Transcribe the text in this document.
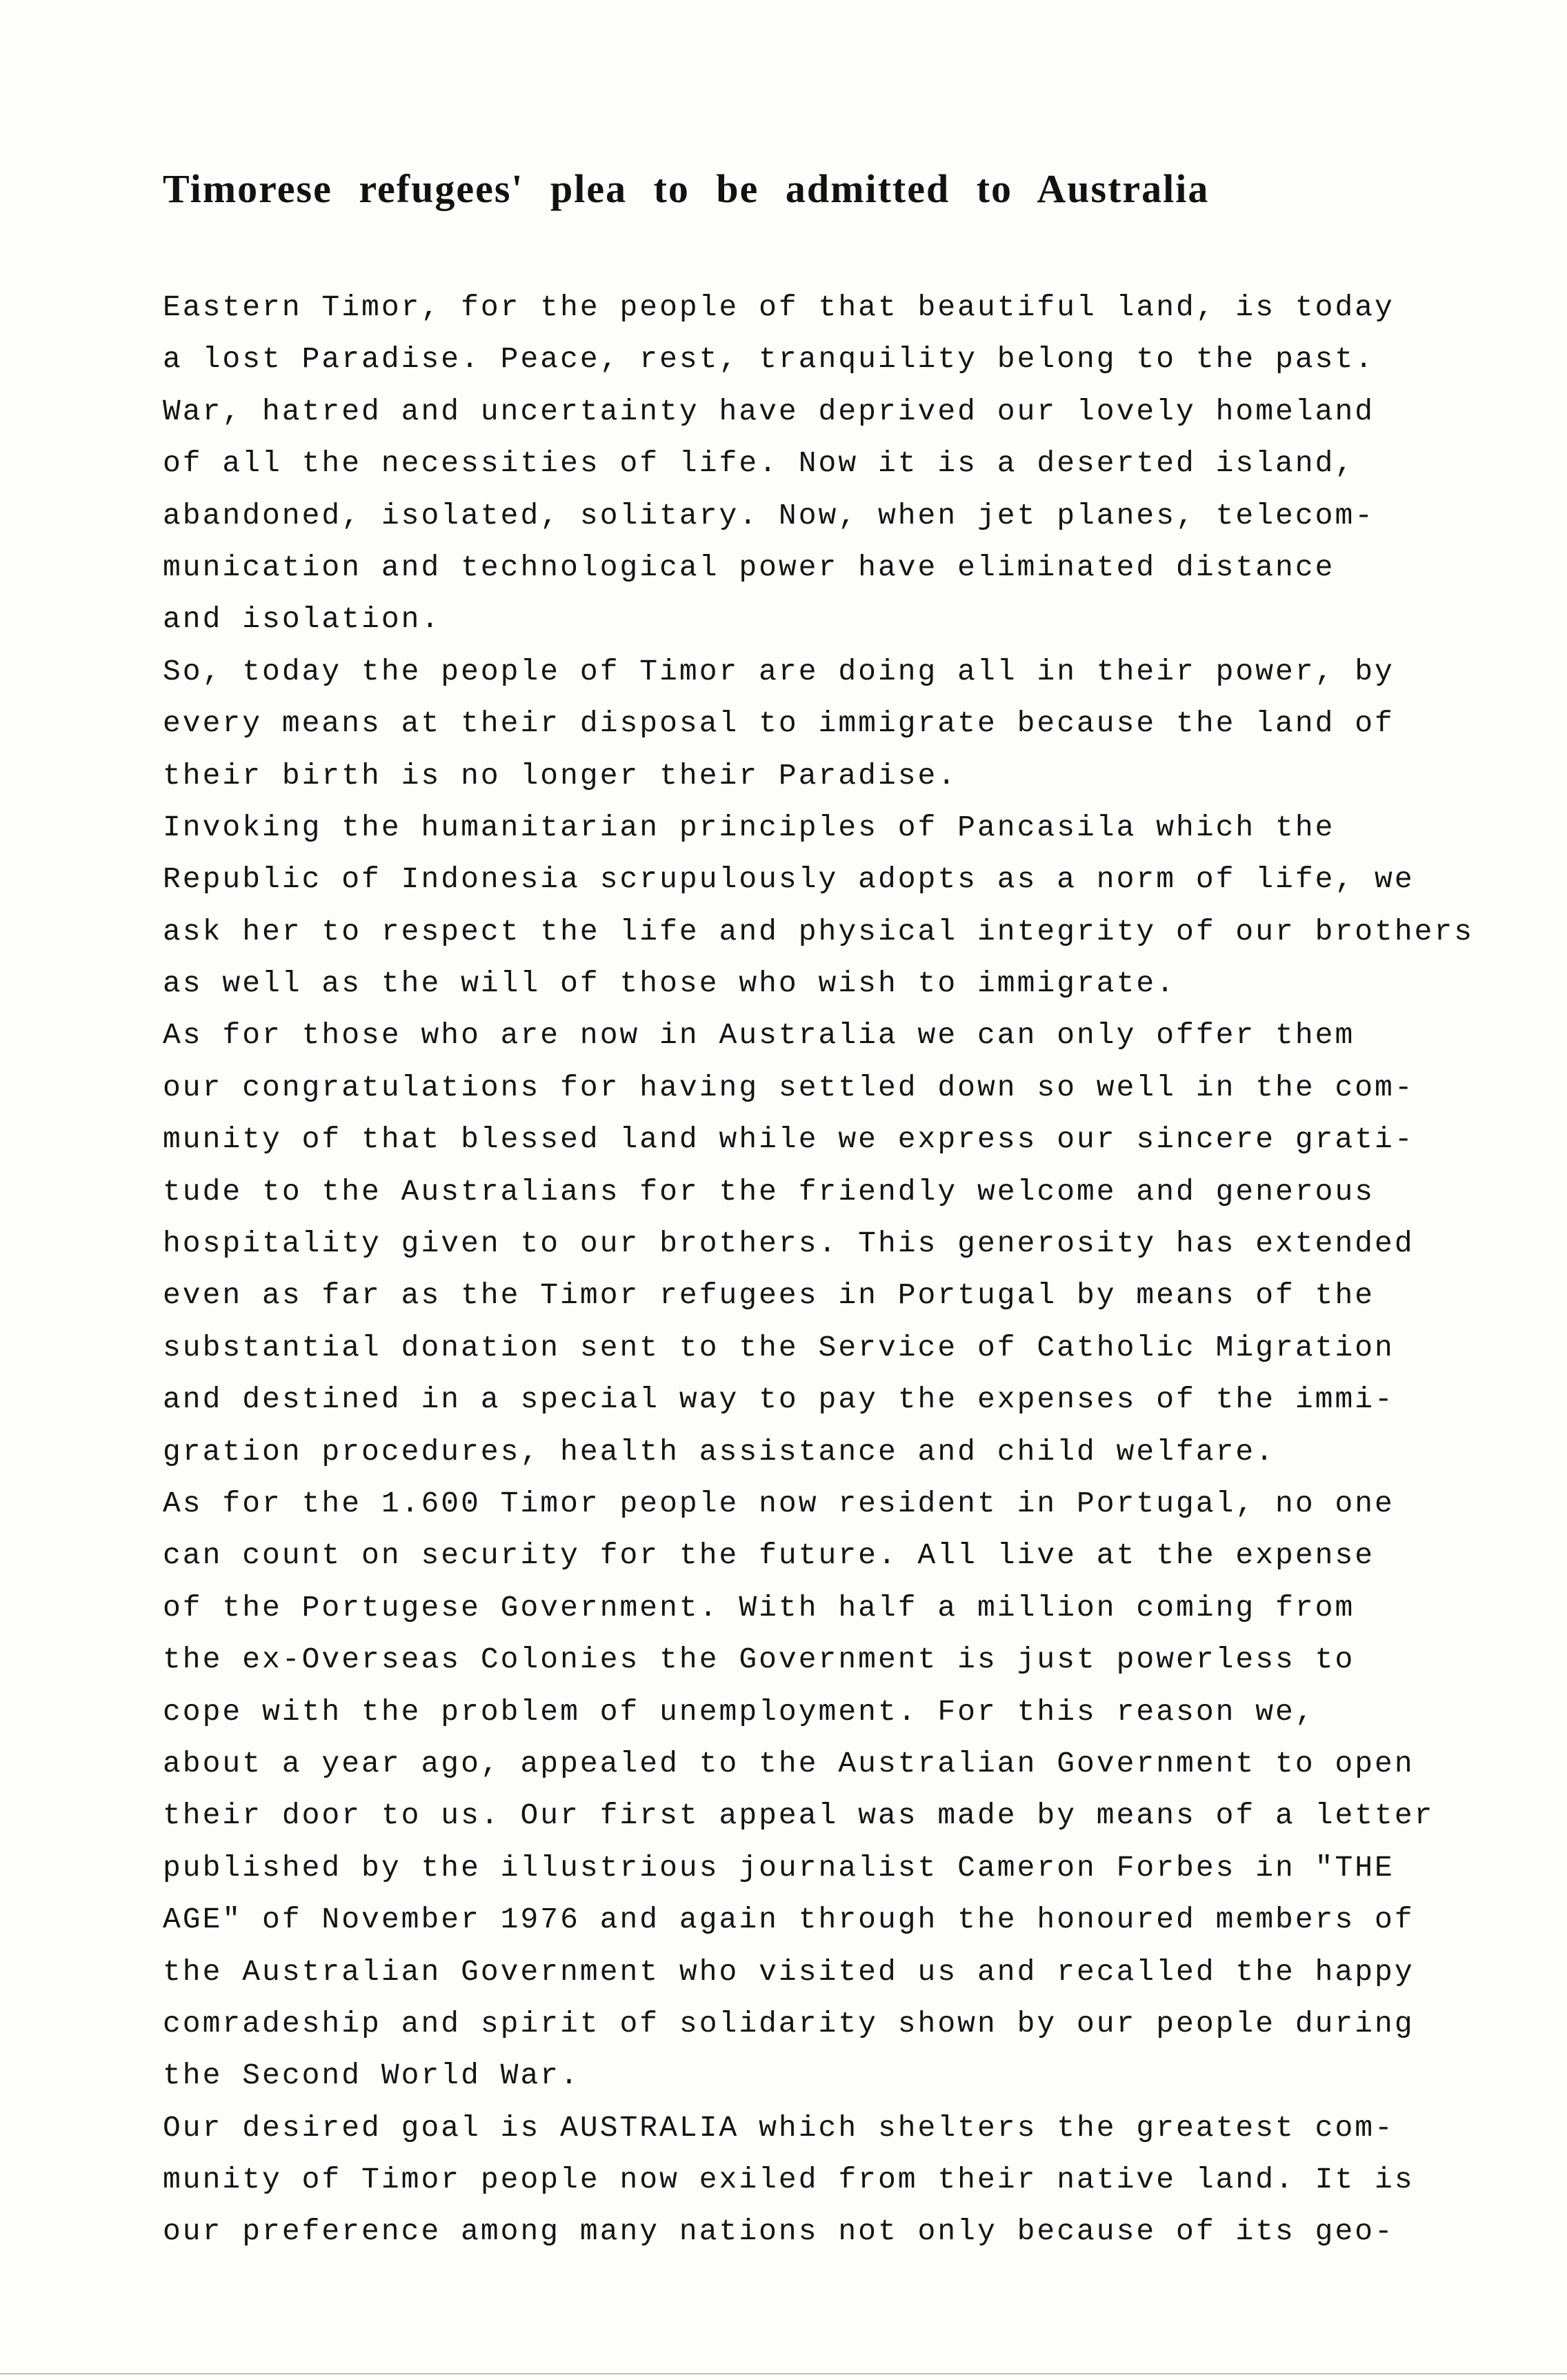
Timorese refugees' plea to be admitted to Australia
Eastern Timor, for the people of that beautiful land, is today
a lost Paradise. Peace, rest, tranquility belong to the past.
War, hatred and uncertainty have deprived our lovely homeland
of all the necessities of life. Now it is a deserted island,
abandoned, isolated, solitary. Now, when jet planes, telecom-
munication and technological power have eliminated distance
and isolation.
So, today the people of Timor are doing all in their power, by
every means at their disposal to immigrate because the land of
their birth is no longer their Paradise.
Invoking the humanitarian principles of Pancasila which the
Republic of Indonesia scrupulously adopts as a norm of life, we
ask her to respect the life and physical integrity of our brothers
as well as the will of those who wish to immigrate.
As for those who are now in Australia we can only offer them
our congratulations for having settled down so well in the com-
munity of that blessed land while we express our sincere grati-
tude to the Australians for the friendly welcome and generous
hospitality given to our brothers. This generosity has extended
even as far as the Timor refugees in Portugal by means of the
substantial donation sent to the Service of Catholic Migration
and destined in a special way to pay the expenses of the immi-
gration procedures, health assistance and child welfare.
As for the 1.600 Timor people now resident in Portugal, no one
can count on security for the future. All live at the expense
of the Portugese Government. With half a million coming from
the ex-Overseas Colonies the Government is just powerless to
cope with the problem of unemployment. For this reason we,
about a year ago, appealed to the Australian Government to open
their door to us. Our first appeal was made by means of a letter
published by the illustrious journalist Cameron Forbes in "THE
AGE" of November 1976 and again through the honoured members of
the Australian Government who visited us and recalled the happy
comradeship and spirit of solidarity shown by our people during
the Second World War.
Our desired goal is AUSTRALIA which shelters the greatest com-
munity of Timor people now exiled from their native land. It is
our preference among many nations not only because of its geo-
